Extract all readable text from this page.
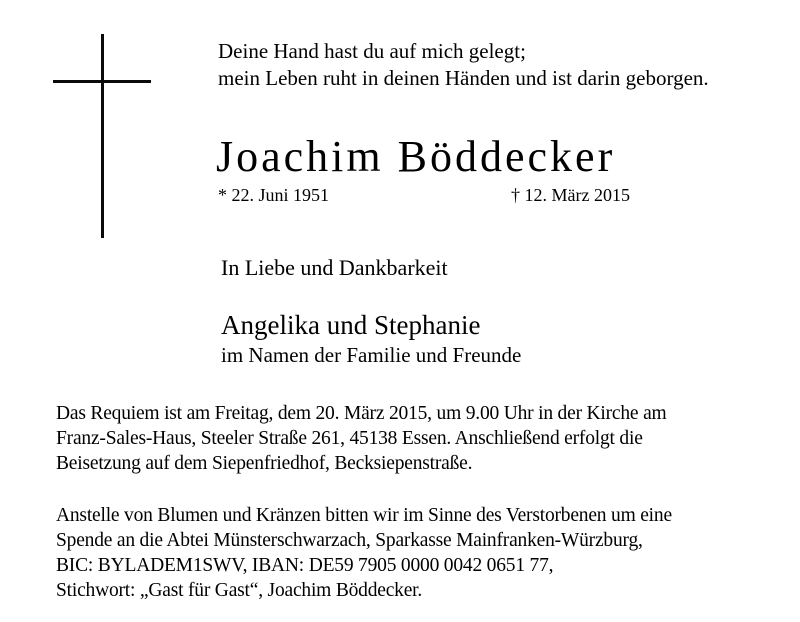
Deine Hand hast du auf mich gelegt;
mein Leben ruht in deinen Händen und ist darin geborgen.
Joachim Böddecker
* 22. Juni 1951	† 12. März 2015
In Liebe und Dankbarkeit
Angelika und Stephanie
im Namen der Familie und Freunde
Das Requiem ist am Freitag, dem 20. März 2015, um 9.00 Uhr in der Kirche am
Franz-Sales-Haus, Steeler Straße 261, 45138 Essen. Anschließend erfolgt die
Beisetzung auf dem Siepenfriedhof, Becksiepenstraße.
Anstelle von Blumen und Kränzen bitten wir im Sinne des Verstorbenen um eine
Spende an die Abtei Münsterschwarzach, Sparkasse Mainfranken-Würzburg,
BIC: BYLADEM1SWV, IBAN: DE59 7905 0000 0042 0651 77,
Stichwort: „Gast für Gast“, Joachim Böddecker.
